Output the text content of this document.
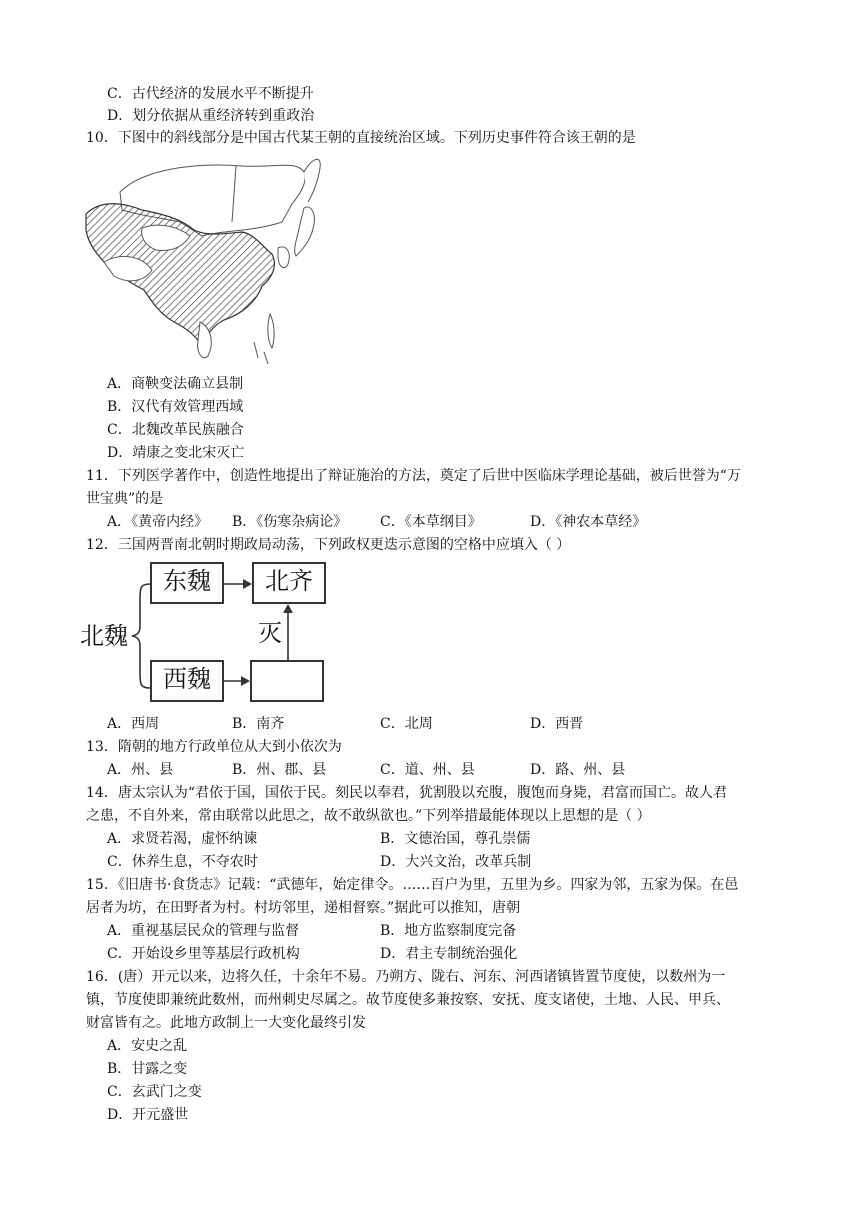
C．古代经济的发展水平不断提升
D．划分依据从重经济转到重政治
10．下图中的斜线部分是中国古代某王朝的直接统治区域。下列历史事件符合该王朝的是
A．商鞅变法确立县制
B．汉代有效管理西域
C．北魏改革民族融合
D．靖康之变北宋灭亡
11．下列医学著作中，创造性地提出了辩证施治的方法，奠定了后世中医临床学理论基础，被后世誉为“万
世宝典”的是
A．《黄帝内经》 B．《伤寒杂病论》 C．《本草纲目》	D．《神农本草经》
12．三国两晋南北朝时期政局动荡，下列政权更迭示意图的空格中应填入（ ）
北魏
东魏	北齐
西魏
灭
A．西周	B．南齐	C．北周	D．西晋
13．隋朝的地方行政单位从大到小依次为
A．州、县	B．州、郡、县	C．道、州、县	D．路、州、县
14．唐太宗认为“君依于国，国依于民。刻民以奉君，犹割股以充腹，腹饱而身毙，君富而国亡。故人君
之患，不自外来，常由联常以此思之，故不敢纵欲也。”下列举措最能体现以上思想的是（ ）
A．求贤若渴，虚怀纳谏	B．文德治国，尊孔崇儒
C．休养生息，不夺农时	D．大兴文治，改革兵制
15．《旧唐书·食货志》记载：“武德年，始定律令。……百户为里，五里为乡。四家为邻，五家为保。在邑
居者为坊，在田野者为村。村坊邻里，递相督察。”据此可以推知，唐朝
A．重视基层民众的管理与监督	B．地方监察制度完备
C．开始设乡里等基层行政机构	D．君主专制统治强化
16．(唐）开元以来，边将久任，十余年不易。乃朔方、陇右、河东、河西诸镇皆置节度使，以数州为一
镇，节度使即兼统此数州，而州刺史尽属之。故节度使多兼按察、安抚、度支诸使，土地、人民、甲兵、
财富皆有之。此地方政制上一大变化最终引发
A．安史之乱
B．甘露之变
C．玄武门之变
D．开元盛世
